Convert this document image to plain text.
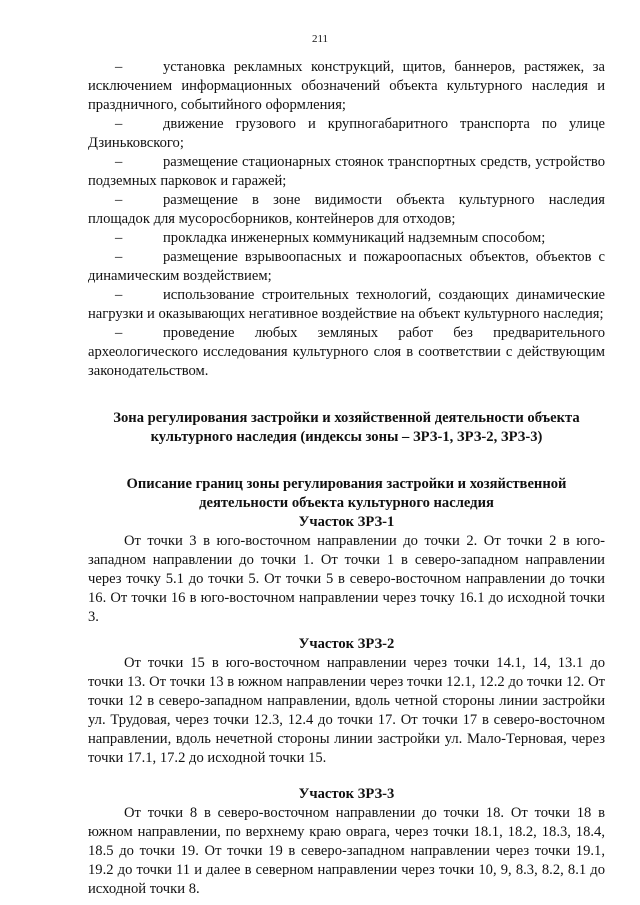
211

–	установка рекламных конструкций, щитов, баннеров, растяжек, за исключением информационных обозначений объекта культурного наследия и праздничного, событийного оформления;

–	движение грузового и крупногабаритного транспорта по улице Дзиньковского;

–	размещение стационарных стоянок транспортных средств, устройство подземных парковок и гаражей;

–	размещение в зоне видимости объекта культурного наследия площадок для мусоросборников, контейнеров для отходов;

–	прокладка инженерных коммуникаций надземным способом;

–	размещение взрывоопасных и пожароопасных объектов, объектов с динамическим воздействием;

–	использование строительных технологий, создающих динамические нагрузки и оказывающих негативное воздействие на объект культурного наследия;

–	проведение любых земляных работ без предварительного археологического исследования культурного слоя в соответствии с действующим законодательством.

Зона регулирования застройки и хозяйственной деятельности объекта культурного наследия (индексы зоны – ЗРЗ-1, ЗРЗ-2, ЗРЗ-3)

Описание границ зоны регулирования застройки и хозяйственной деятельности объекта культурного наследия

Участок ЗРЗ-1

От точки 3 в юго-восточном направлении до точки 2. От точки 2 в юго-западном направлении до точки 1. От точки 1 в северо-западном направлении через точку 5.1 до точки 5. От точки 5 в северо-восточном направлении до точки 16. От точки 16 в юго-восточном направлении через точку 16.1 до исходной точки 3.

Участок ЗРЗ-2

От точки 15 в юго-восточном направлении через точки 14.1, 14, 13.1 до точки 13. От точки 13 в южном направлении через точки 12.1, 12.2 до точки 12. От точки 12 в северо-западном направлении, вдоль четной стороны линии застройки ул. Трудовая, через точки 12.3, 12.4 до точки 17. От точки 17 в северо-восточном направлении, вдоль нечетной стороны линии застройки ул. Мало-Терновая, через точки 17.1, 17.2 до исходной точки 15.

Участок ЗРЗ-3

От точки 8 в северо-восточном направлении до точки 18. От точки 18 в южном направлении, по верхнему краю оврага, через точки 18.1, 18.2, 18.3, 18.4, 18.5 до точки 19. От точки 19 в северо-западном направлении через точки 19.1, 19.2 до точки 11 и далее в северном направлении через точки 10, 9, 8.3, 8.2, 8.1 до исходной точки 8.
